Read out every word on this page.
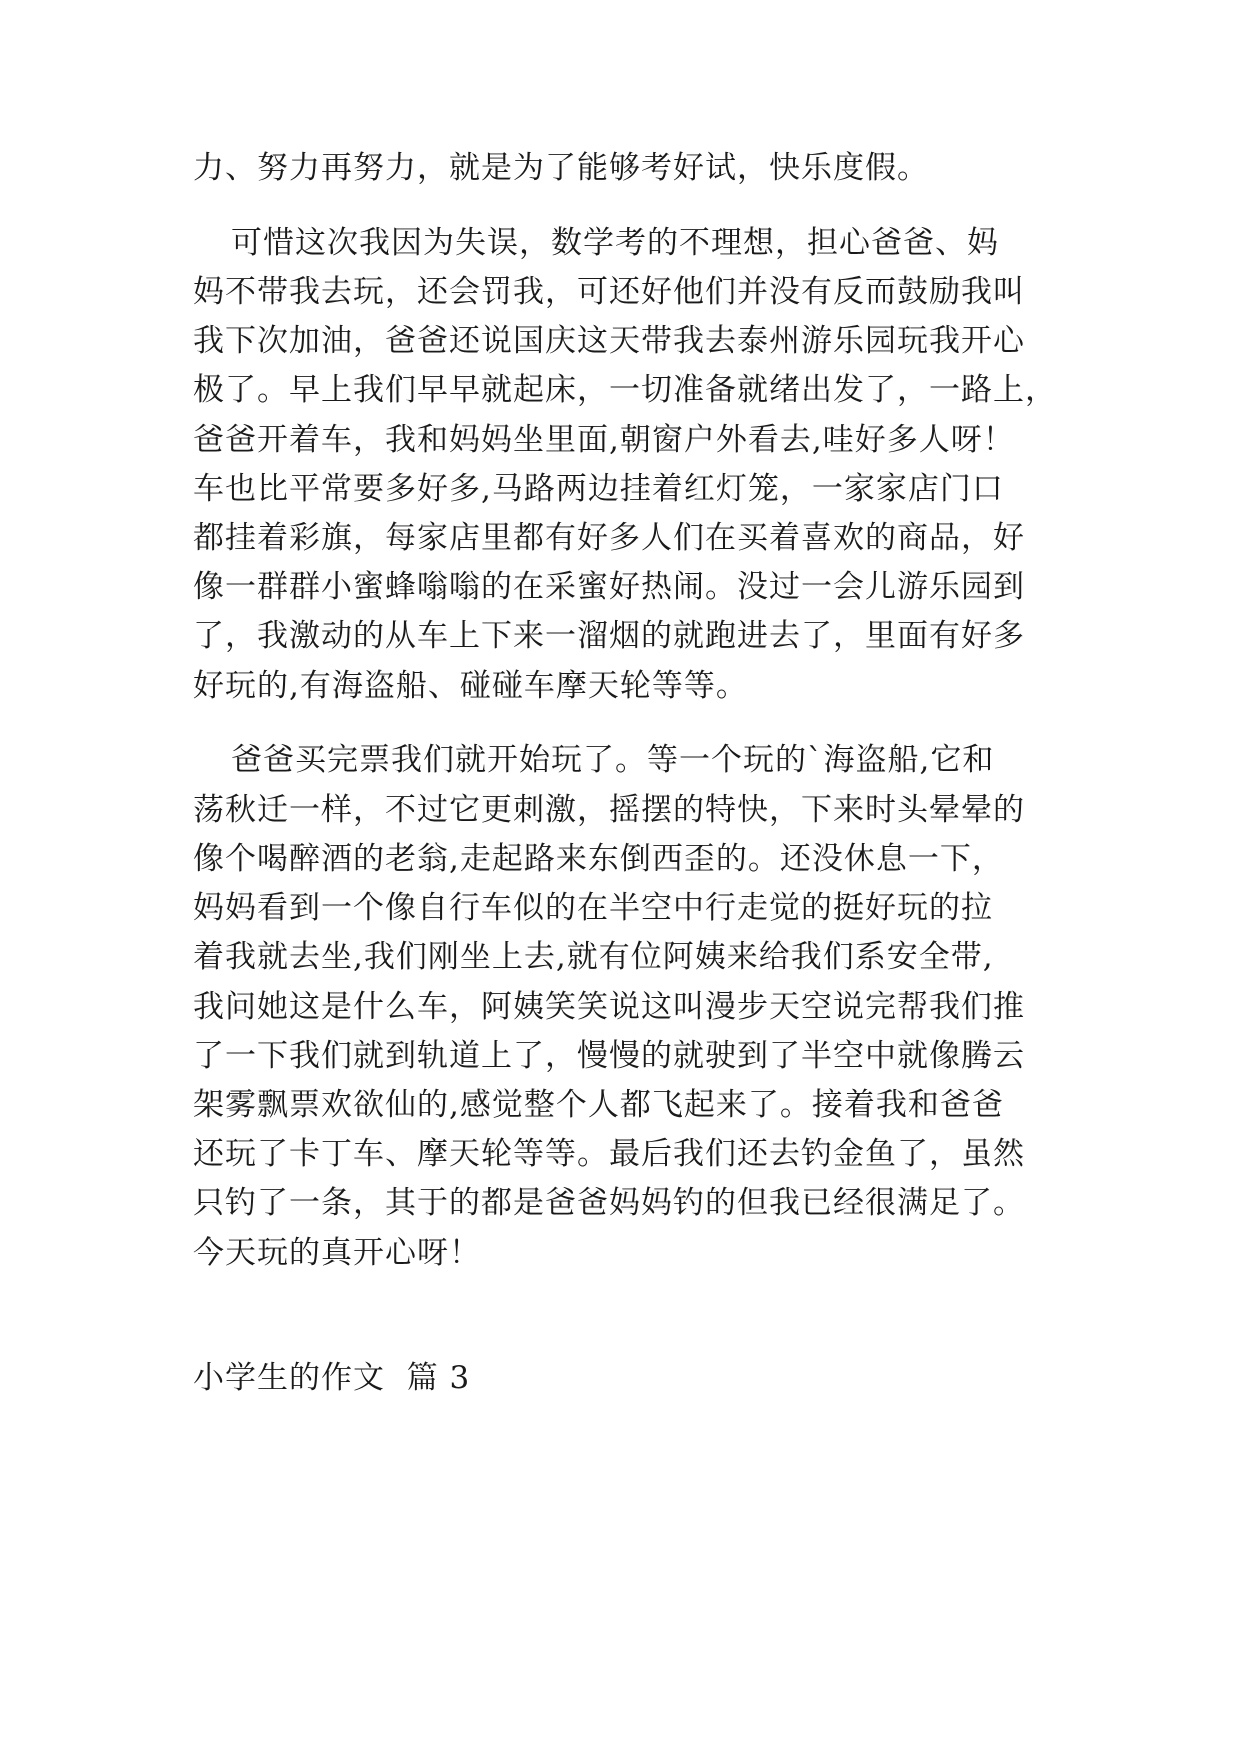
力、努力再努力，就是为了能够考好试，快乐度假。
可惜这次我因为失误，数学考的不理想，担心爸爸、妈
妈不带我去玩，还会罚我，可还好他们并没有反而鼓励我叫
我下次加油，爸爸还说国庆这天带我去泰州游乐园玩我开心
极了。早上我们早早就起床，一切准备就绪出发了，一路上，
爸爸开着车，我和妈妈坐里面,朝窗户外看去,哇好多人呀！
车也比平常要多好多,马路两边挂着红灯笼，一家家店门口
都挂着彩旗，每家店里都有好多人们在买着喜欢的商品，好
像一群群小蜜蜂嗡嗡的在采蜜好热闹。没过一会儿游乐园到
了，我激动的从车上下来一溜烟的就跑进去了，里面有好多
好玩的,有海盗船、碰碰车摩天轮等等。
爸爸买完票我们就开始玩了。等一个玩的`海盗船,它和
荡秋迁一样，不过它更刺激，摇摆的特快，下来时头晕晕的
像个喝醉酒的老翁,走起路来东倒西歪的。还没休息一下，
妈妈看到一个像自行车似的在半空中行走觉的挺好玩的拉
着我就去坐,我们刚坐上去,就有位阿姨来给我们系安全带,
我问她这是什么车，阿姨笑笑说这叫漫步天空说完帮我们推
了一下我们就到轨道上了，慢慢的就驶到了半空中就像腾云
架雾飘票欢欲仙的,感觉整个人都飞起来了。接着我和爸爸
还玩了卡丁车、摩天轮等等。最后我们还去钓金鱼了，虽然
只钓了一条，其于的都是爸爸妈妈钓的但我已经很满足了。
今天玩的真开心呀！
小学生的作文  篇 3
